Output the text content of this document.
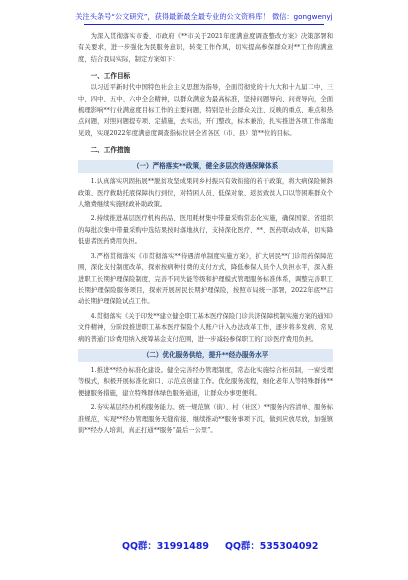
关注头条号“公文研究”，获得最新最全最专业的公文资料库！ 微信：gongwenyj

为深入贯彻落实市委、市政府《**市关于2021年度满意度调查整改方案》决策部署和有关要求，进一步强化为民服务意识，转变工作作风，切实提高参保群众对**工作的满意度，结合我局实际，制定方案如下：

一、工作目标

以习近平新时代中国特色社会主义思想为指导，全面贯彻党的十九大和十九届二中、三中、四中、五中、六中全会精神，以群众满意为最高标准，坚持问题导向、问责导向，全面梳理影响**行业满意度目标工作的主要问题，特别是社会群众关注、反映的重点、难点和热点问题，对照问题提专项、定措施，去实出，开门整改，标本兼治，扎实推进各项工作落地见效，实现2022年度满意度调查指标位居全省各区（市、县）第**位的目标。

二、工作措施
（一）严格落实**政策，健全多层次待遇保障体系

1.认真落实巩固拓展**脱贫攻坚成果同乡村振兴有效衔接的若干政策，将大病保险倾斜政策、医疗救助托底保障执行到位，对特困人员、低保对象、返贫致贫人口以等困难群众个人缴费继续实施财政补助政策。

2.持续推进基层医疗机构药品、医用耗材集中带量采购常态化实施，确保国家、省组织的每批次集中带量采购中选结果按时落地执行，支持深化医疗、**、医药联动改革，切实降低患者医药费用负担。

3.严格贯彻落实《市贯彻落实**待遇清单制度实施方案》，扩大居民**门诊用药保障范围，深化支付制度改革，探索按病种付费的支付方式，降低参保人员个人负担水平，深入推进职工长期护理保险制度，完善不同失能等级和护理模式管理服务标准体系，调整完善职工长期护理保险服务项目，探索开展居民长期护理保险，按照市局统一部署，2022年底**启动长期护理保险试点工作。

4.贯彻落实《关于印发**建立健全职工基本医疗保险门诊共济保障机制实施方案的通知》文件精神，分阶段推进职工基本医疗保险个人账户计入办法改革工作，逐步将多发病、常见病的普通门诊费用纳入统筹基金支付范围，进一步减轻参保职工的门诊医疗费用负担。

（二）优化服务供给，提升**经办服务水平

1.推进**经办标准化建设。健全完善经办管理制度，常态化实施综合柜员制，一窗受理等模式，积极开展标准化窗口、示范点创建工作。优化服务流程，细化老年人等特殊群体**便捷服务措施，建立特殊群体绿色服务通道，让群众办事更便利。

2.夯实基层经办机构服务能力。统一规范镇（街）、村（社区）**服务内容清单、服务标准规范，实现**经办管理服务无缝衔接、继续推动**服务事项下沉，做到应放尽放，加强镇街**经办人培训，真正打通**服务“最后一公里”。

QQ群：31991489 QQ群：535304092
